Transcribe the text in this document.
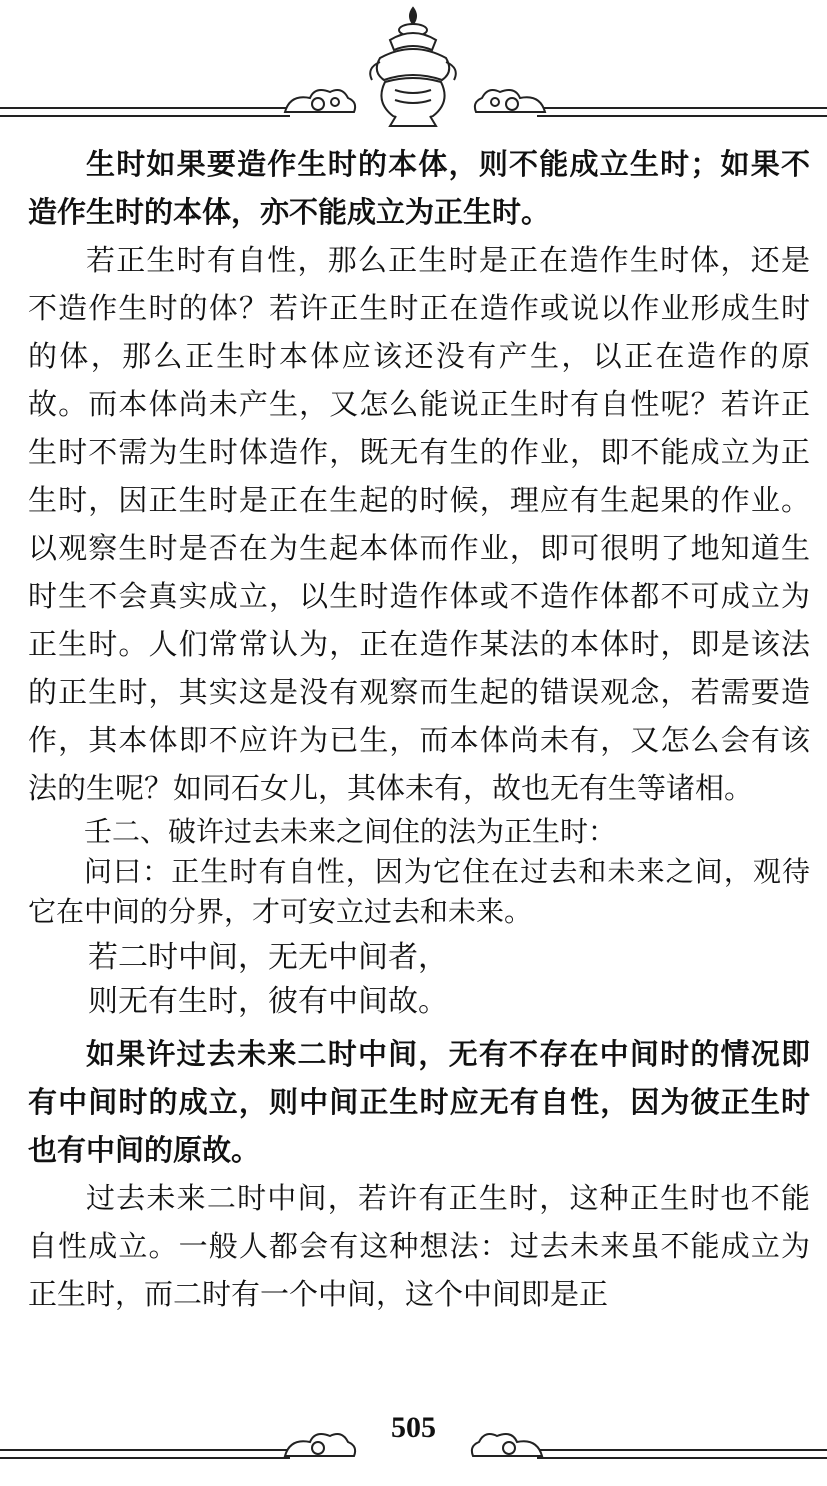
生时如果要造作生时的本体，则不能成立生时；如果不造作生时的本体，亦不能成立为正生时。

若正生时有自性，那么正生时是正在造作生时体，还是不造作生时的体？若许正生时正在造作或说以作业形成生时的体，那么正生时本体应该还没有产生，以正在造作的原故。而本体尚未产生，又怎么能说正生时有自性呢？若许正生时不需为生时体造作，既无有生的作业，即不能成立为正生时，因正生时是正在生起的时候，理应有生起果的作业。以观察生时是否在为生起本体而作业，即可很明了地知道生时生不会真实成立，以生时造作体或不造作体都不可成立为正生时。人们常常认为，正在造作某法的本体时，即是该法的正生时，其实这是没有观察而生起的错误观念，若需要造作，其本体即不应许为已生，而本体尚未有，又怎么会有该法的生呢？如同石女儿，其体未有，故也无有生等诸相。

壬二、破许过去未来之间住的法为正生时：

问曰：正生时有自性，因为它住在过去和未来之间，观待它在中间的分界，才可安立过去和未来。

若二时中间，无无中间者，

则无有生时，彼有中间故。

如果许过去未来二时中间，无有不存在中间时的情况即有中间时的成立，则中间正生时应无有自性，因为彼正生时也有中间的原故。

过去未来二时中间，若许有正生时，这种正生时也不能自性成立。一般人都会有这种想法：过去未来虽不能成立为正生时，而二时有一个中间，这个中间即是正

505
